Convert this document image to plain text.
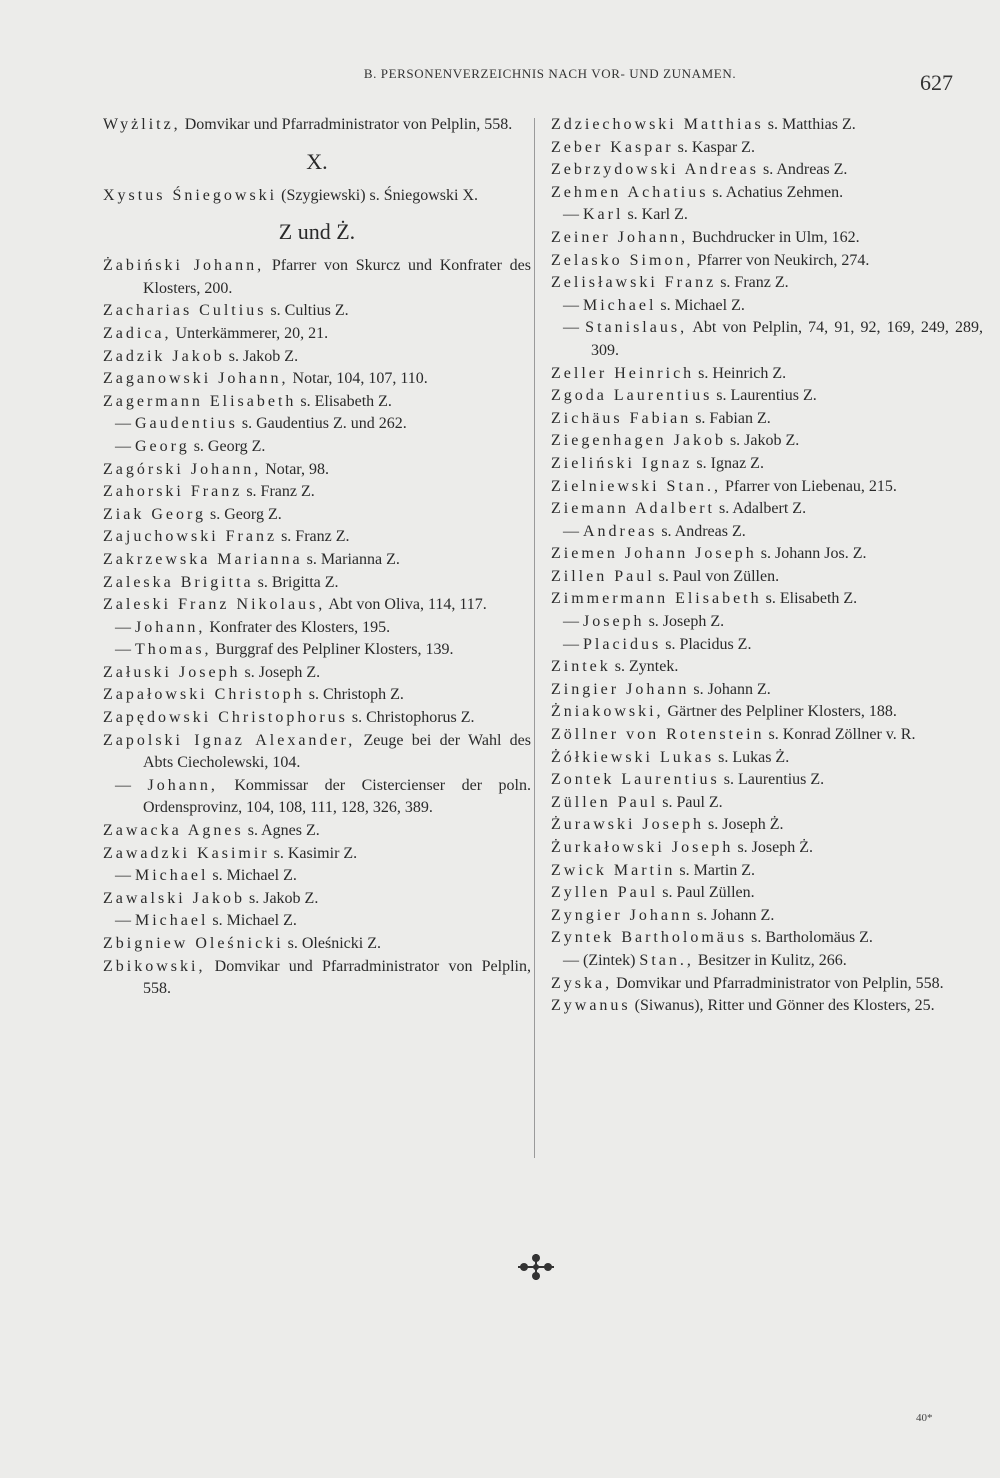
B. PERSONENVERZEICHNIS NACH VOR- UND ZUNAMEN.	627
Wyżlitz, Domvikar und Pfarradministrator von Pelplin, 558.
X.
Xystus Śniegowski (Szygiewski) s. Śniegowski X.
Z und Ż.
Żabiński Johann, Pfarrer von Skurcz und Konfrater des Klosters, 200.
Zacharias Cultius s. Cultius Z.
Zadica, Unterkämmerer, 20, 21.
Zadzik Jakob s. Jakob Z.
Zaganowski Johann, Notar, 104, 107, 110.
Zagermann Elisabeth s. Elisabeth Z.
— Gaudentius s. Gaudentius Z. und 262.
— Georg s. Georg Z.
Zagórski Johann, Notar, 98.
Zahorski Franz s. Franz Z.
Ziak Georg s. Georg Z.
Zajuchowski Franz s. Franz Z.
Zakrzewska Marianna s. Marianna Z.
Zaleska Brigitta s. Brigitta Z.
Zaleski Franz Nikolaus, Abt von Oliva, 114, 117.
— Johann, Konfrater des Klosters, 195.
— Thomas, Burggraf des Pelpliner Klosters, 139.
Załuski Joseph s. Joseph Z.
Zapałowski Christoph s. Christoph Z.
Zapędowski Christophorus s. Christophorus Z.
Zapolski Ignaz Alexander, Zeuge bei der Wahl des Abts Ciecholewski, 104.
— Johann, Kommissar der Cistercienser der poln. Ordensprovinz, 104, 108, 111, 128, 326, 389.
Zawacka Agnes s. Agnes Z.
Zawadzki Kasimir s. Kasimir Z.
— Michael s. Michael Z.
Zawalski Jakob s. Jakob Z.
— Michael s. Michael Z.
Zbigniew Oleśnicki s. Oleśnicki Z.
Zbikowski, Domvikar und Pfarradministrator von Pelplin, 558.
Zdziechowski Matthias s. Matthias Z.
Zeber Kaspar s. Kaspar Z.
Zebrzydowski Andreas s. Andreas Z.
Zehmen Achatius s. Achatius Zehmen.
— Karl s. Karl Z.
Zeiner Johann, Buchdrucker in Ulm, 162.
Zelasko Simon, Pfarrer von Neukirch, 274.
Zelisławski Franz s. Franz Z.
— Michael s. Michael Z.
— Stanislaus, Abt von Pelplin, 74, 91, 92, 169, 249, 289, 309.
Zeller Heinrich s. Heinrich Z.
Zgoda Laurentius s. Laurentius Z.
Zichäus Fabian s. Fabian Z.
Ziegenhagen Jakob s. Jakob Z.
Zieliński Ignaz s. Ignaz Z.
Zielniewski Stan., Pfarrer von Liebenau, 215.
Ziemann Adalbert s. Adalbert Z.
— Andreas s. Andreas Z.
Ziemen Johann Joseph s. Johann Jos. Z.
Zillen Paul s. Paul von Züllen.
Zimmermann Elisabeth s. Elisabeth Z.
— Joseph s. Joseph Z.
— Placidus s. Placidus Z.
Zintek s. Zyntek.
Zingier Johann s. Johann Z.
Żniakowski, Gärtner des Pelpliner Klosters, 188.
Zöllner von Rotenstein s. Konrad Zöllner v. R.
Żółkiewski Lukas s. Lukas Ż.
Zontek Laurentius s. Laurentius Z.
Züllen Paul s. Paul Z.
Żurawski Joseph s. Joseph Ż.
Żurkałowski Joseph s. Joseph Ż.
Zwick Martin s. Martin Z.
Zyllen Paul s. Paul Züllen.
Zyngier Johann s. Johann Z.
Zyntek Bartholomäus s. Bartholomäus Z.
— (Zintek) Stan., Besitzer in Kulitz, 266.
Zyska, Domvikar und Pfarradministrator von Pelplin, 558.
Zywanus (Siwanus), Ritter und Gönner des Klosters, 25.
40*
